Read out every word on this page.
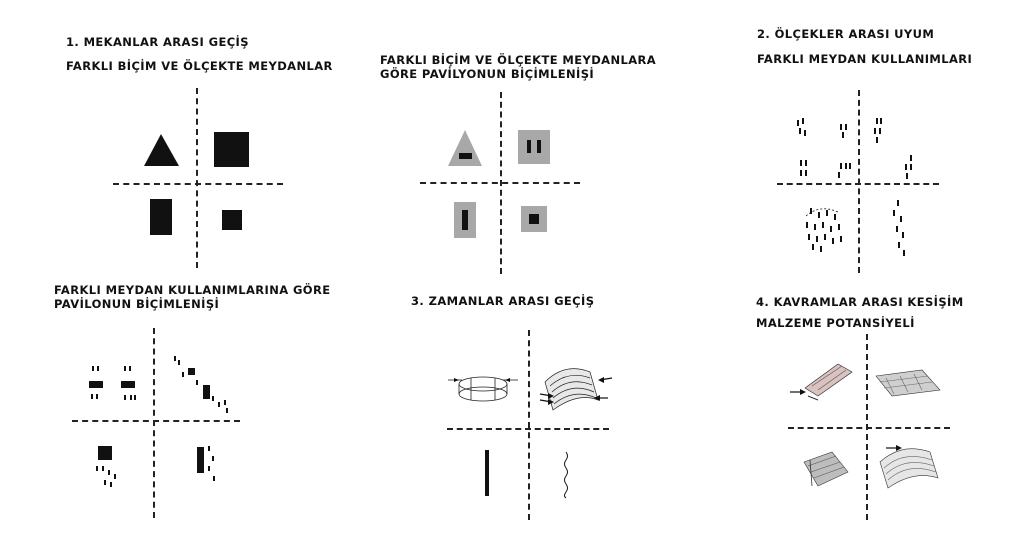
1. MEKANLAR ARASI GEÇİŞ
FARKLI BİÇİM VE ÖLÇEKTE MEYDANLAR	FARKLI BİÇİM VE ÖLÇEKTE MEYDANLARA
GÖRE PAVİLYONUN BİÇİMLENİŞİ
2. ÖLÇEKLER ARASI UYUM
FARKLI MEYDAN KULLANIMLARI
FARKLI MEYDAN KULLANIMLARINA GÖRE
PAVİLONUN BİÇİMLENİŞİ	3. ZAMANLAR ARASI GEÇİŞ	4. KAVRAMLAR ARASI KESİŞİM
MALZEME POTANSİYELİ
